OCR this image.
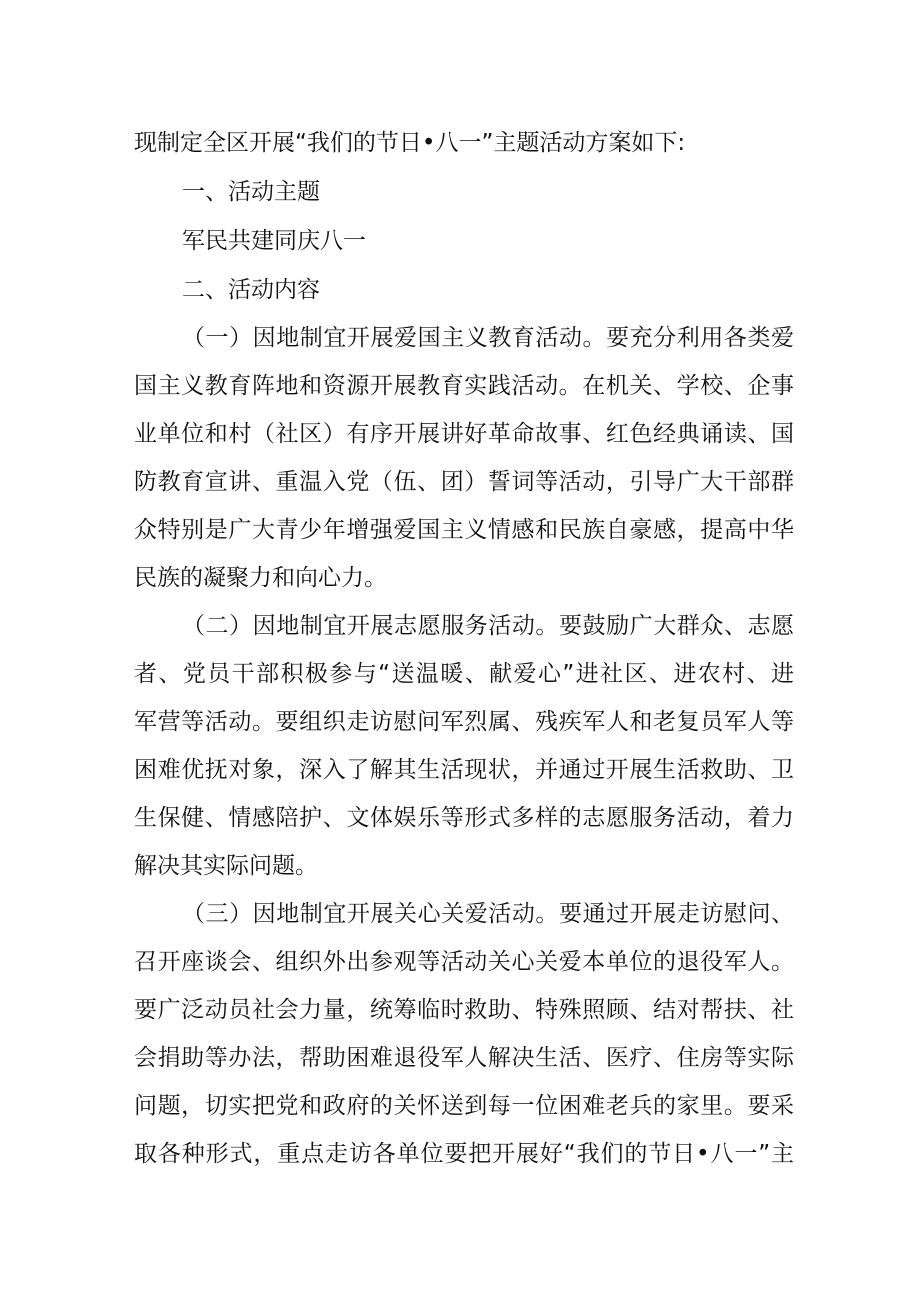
现制定全区开展“我们的节日•八一”主题活动方案如下:

一、活动主题

军民共建同庆八一

二、活动内容

（一）因地制宜开展爱国主义教育活动。要充分利用各类爱

国主义教育阵地和资源开展教育实践活动。在机关、学校、企事

业单位和村（社区）有序开展讲好革命故事、红色经典诵读、国

防教育宣讲、重温入党（伍、团）誓词等活动，引导广大干部群

众特别是广大青少年增强爱国主义情感和民族自豪感，提高中华

民族的凝聚力和向心力。

（二）因地制宜开展志愿服务活动。要鼓励广大群众、志愿

者、党员干部积极参与“送温暖、献爱心”进社区、进农村、进

军营等活动。要组织走访慰问军烈属、残疾军人和老复员军人等

困难优抚对象，深入了解其生活现状，并通过开展生活救助、卫

生保健、情感陪护、文体娱乐等形式多样的志愿服务活动，着力

解决其实际问题。

（三）因地制宜开展关心关爱活动。要通过开展走访慰问、

召开座谈会、组织外出参观等活动关心关爱本单位的退役军人。

要广泛动员社会力量，统筹临时救助、特殊照顾、结对帮扶、社

会捐助等办法，帮助困难退役军人解决生活、医疗、住房等实际

问题，切实把党和政府的关怀送到每一位困难老兵的家里。要采

取各种形式，重点走访各单位要把开展好“我们的节日•八一”主
